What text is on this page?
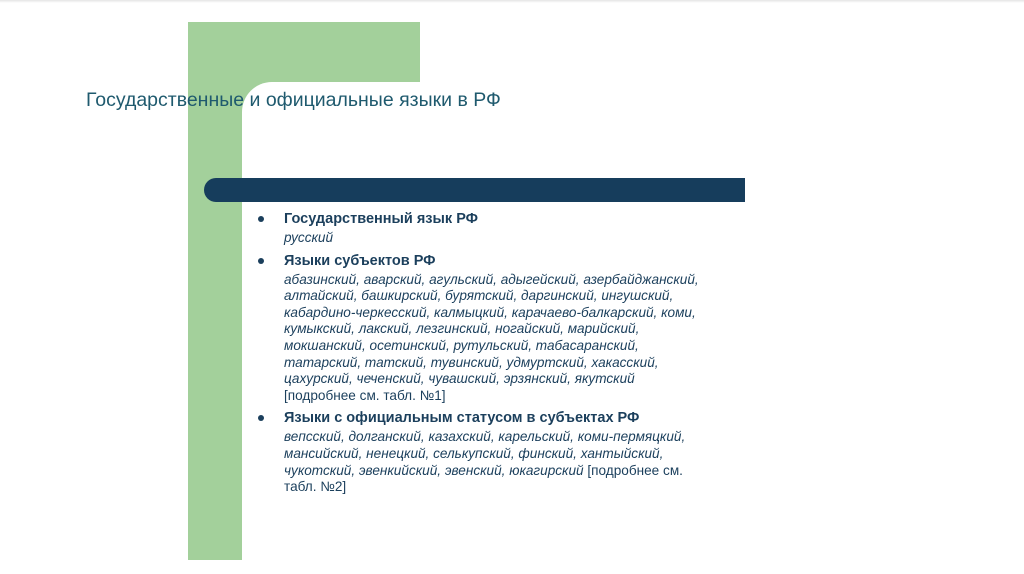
Государственные и официальные языки в РФ
Государственный язык РФ
русский
Языки субъектов РФ
абазинский, аварский, агульский, адыгейский, азербайджанский,
алтайский, башкирский, бурятский, даргинский, ингушский,
кабардино-черкесский, калмыцкий, карачаево-балкарский, коми,
кумыкский, лакский, лезгинский, ногайский, марийский,
мокшанский, осетинский, рутульский, табасаранский,
татарский, татский, тувинский, удмуртский, хакасский,
цахурский, чеченский, чувашский, эрзянский, якутский
[подробнее см. табл. №1]
Языки с официальным статусом в субъектах РФ
вепсский, долганский, казахский, карельский, коми-пермяцкий,
мансийский, ненецкий, селькупский, финский, хантыйский,
чукотский, эвенкийский, эвенский, юкагирский [подробнее см.
табл. №2]
